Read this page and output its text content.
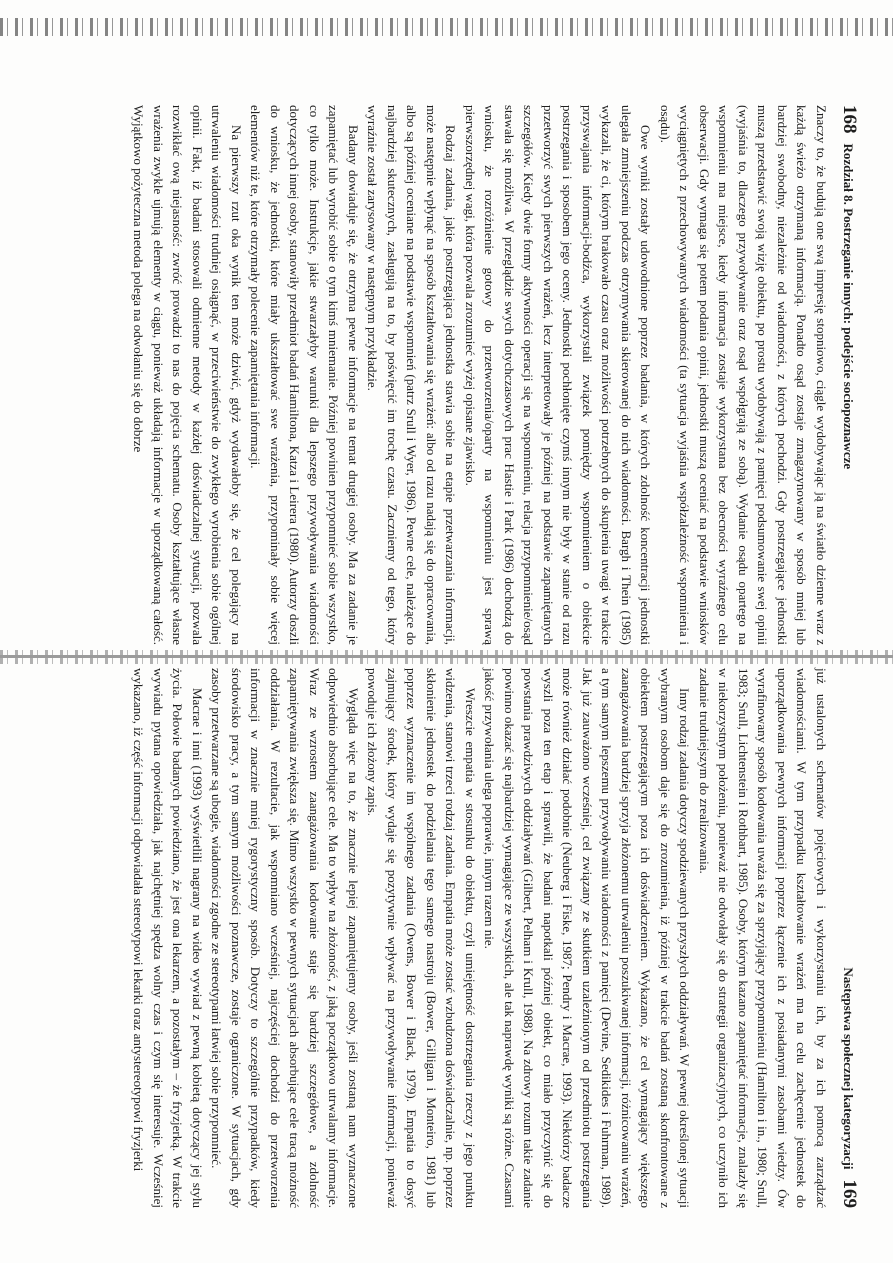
168
Rozdział 8. Postrzeganie innych: podejście sociopoznawcze

Znaczy to, że budują one swą impresję stopniowo, ciągle wydobywając ją na światło dzienne wraz z każdą świeżo otrzymaną informacją. Ponadto osąd zostaje zmagazynowany w sposób mniej lub bardziej swobodny, niezależnie od wiadomości, z których pochodzi. Gdy postrzegające jednostki muszą przedstawić swoją wizję obiektu, po prostu wydobywają z pamięci podsumowanie swej opinii (wyjaśnia to, dlaczego przywoływanie oraz osąd współgrają ze sobą). Wydanie osądu opartego na wspomnieniu ma miejsce, kiedy informacja zostaje wykorzystana bez obecności wyraźnego celu obserwacji. Gdy wymaga się potem podania opinii, jednostki muszą oceniać na podstawie wniosków wyciągniętych z przechowywanych wiadomości (ta sytuacja wyjaśnia współzależność wspomnienia i osądu).

Owe wyniki zostały udowodnione poprzez badania, w których zdolność koncentracji jednostki ulegała zmniejszeniu podczas otrzymywania skierowanej do nich wiadomości. Bargh i Thein (1985) wykazali, że ci, którym brakowało czasu oraz możliwości potrzebnych do skupienia uwagi w trakcie przyswajania informacji-bodźca, wykorzystali związek pomiędzy wspomnieniem o obiekcie postrzegania i sposobem jego oceny. Jednostki pochłonięte czymś innym nie były w stanie od razu przetworzyć swych pierwszych wrażeń, lecz interpretowały je później na podstawie zapamiętanych szczegółów. Kiedy dwie formy aktywności operacji się na wspomnieniu, relacja przypomnienie/osąd stawała się możliwa. W przeglądzie swych dotychczasowych prac Hastie i Park (1986) dochodzą do wniosku, że rozróżnienie gotowy do przetworzenia/oparty na wspomnieniu jest sprawą pierwszorzędnej wagi, która pozwala zrozumieć wyżej opisane zjawisko.

Rodzaj zadania, jakie postrzegająca jednostka stawia sobie na etapie przetwarzania informacji, może następnie wpłynąć na sposób kształtowania się wrażeń: albo od razu nadają się do opracowania, albo są później oceniane na podstawie wspomnień (patrz Srull i Wyer, 1986). Pewne cele, należące do najbardziej skutecznych, zasługują na to, by poświęcić im trochę czasu. Zaczniemy od tego, który wyraźnie został zarysowany w następnym przykładzie.

Badany dowiaduje się, że otrzyma pewne informacje na temat drugiej osoby. Ma za zadanie je zapamiętać lub wyrobić sobie o tym kimś mniemanie. Później powinien przypomnieć sobie wszystko, co tylko może. Instrukcje, jakie stwarzałyby warunki dla lepszego przywoływania wiadomości dotyczących innej osoby, stanowiły przedmiot badań Hamiltona, Katza i Leirera (1980). Autorzy doszli do wniosku, że jednostki, które miały ukształtować swe wrażenia, przypominały sobie więcej elementów niż te, które otrzymały polecenie zapamiętania informacji.

Na pierwszy rzut oka wynik ten może dziwić, gdyż wydawałoby się, że cel polegający na utrwaleniu wiadomości trudniej osiągnąć, w przeciwieństwie do zwykłego wyrobienia sobie ogólnej opinii. Fakt, iż badani stosowali odmienne metody w każdej doświadczalnej sytuacji, pozwala rozwikłać ową niejasność: zwróć prowadzi to nas do pojęcia schematu. Osoby kształtujące własne wrażenia zwykle ujmują elementy w ciągu, ponieważ układają informacje w uporządkowaną całość. Wyjątkowo pożyteczna metoda polega na odwołaniu się do dobrze

Następstwa społecznej kategoryzacji
169

już ustalonych schematów pojęciowych i wykorzystaniu ich, by za ich pomocą zarządzać wiadomościami. W tym przypadku kształtowanie wrażeń ma na celu zachęcenie jednostek do uporządkowania pewnych informacji poprzez łączenie ich z posiadanymi zasobami wiedzy. Ów wyrafinowany sposób kodowania uważa się za sprzyjający przypomnieniu (Hamilton i in., 1980; Srull, 1983; Srull, Lichtenstein i Rothbart, 1985). Osoby, którym kazano zapamiętać informacje, znalazły się w niekorzystnym położeniu, ponieważ nie odwołały się do strategii organizacyjnych, co uczyniło ich zadanie trudniejszym do zrealizowania.

Inny rodzaj zadania dotyczy spodziewanych przyszłych oddziaływań. W pewnej określonej sytuacji wybranym osobom daje się do zrozumienia, iż później w trakcie badań zostaną skonfrontowane z obiektem postrzegającym poza ich doświadczeniem. Wykazano, że cel wymagający większego zaangażowania bardziej sprzyja złożonemu utrwaleniu poszukiwanej informacji, różnicowaniu wrażeń, a tym samym lepszemu przywoływaniu wiadomości z pamięci (Devine, Sedikides i Fuhrman, 1989). Jak już zauważono wcześniej, cel związany ze skutkiem uzależnionym od przedmiotu postrzegania może również działać podobnie (Neuberg i Fiske, 1987; Pendry i Macrae, 1993). Niektórzy badacze wyszli poza ten etap i sprawili, że badani napotkali później obiekt, co miało przyczynić się do powstania prawdziwych oddziaływań (Gilbert, Pelham i Krull, 1988). Na zdrowy rozum takie zadanie powinno okazać się najbardziej wymagające ze wszystkich, ale tak naprawdę wyniki są różne. Czasami jakość przywołania ulega poprawie, innym razem nie.

Wreszcie empatia w stosunku do obiektu, czyli umiejętność dostrzegania rzeczy z jego punktu widzenia, stanowi trzeci rodzaj zadania. Empatia może zostać wzbudzona doświadczalnie, np. poprzez skłonienie jednostek do podzielania tego samego nastroju (Bower, Gilligan i Monteiro, 1981) lub poprzez wyznaczenie im wspólnego zadania (Owens, Bower i Black, 1979). Empatia to dosyć zajmujący środek, który wydaje się pozytywnie wpływać na przywoływanie informacji, ponieważ powoduje ich złożony zapis.

Wygląda więc na to, że znacznie lepiej zapamiętujemy osoby, jeśli zostaną nam wyznaczone odpowiednio absorbujące cele. Ma to wpływ na złożoność, z jaką początkowo utrwalamy informacje. Wraz ze wzrostem zaangażowania kodowanie staje się bardziej szczegółowe, a zdolność zapamiętywania zwiększa się. Mimo wszystko w pewnych sytuacjach absorbujące cele tracą możność oddziałania. W rezultacie, jak wspomniano wcześniej, najczęściej dochodzi do przetworzenia informacji w znacznie mniej rygorystyczny sposób. Dotyczy to szczególnie przypadków, kiedy środowisko pracy, a tym samym możliwości poznawcze, zostaje ograniczone. W sytuacjach, gdy zasoby przetwarzane są ubogie, wiadomości zgodne ze stereotypami łatwiej sobie przypomnieć.

Macrae i inni (1993) wyświetlili nagrany na wideo wywiad z pewną kobietą dotyczący jej stylu życia. Połowie badanych powiedziano, że jest ona lekarzem, a pozostałym – że fryzjerką. W trakcie wywiadu pytana opowiedziała, jak najchętniej spędza wolny czas i czym się interesuje. Wcześniej wykazano, iż część informacji odpowiadała stereotypowi lekarki oraz antystereotypowi fryzjerki
